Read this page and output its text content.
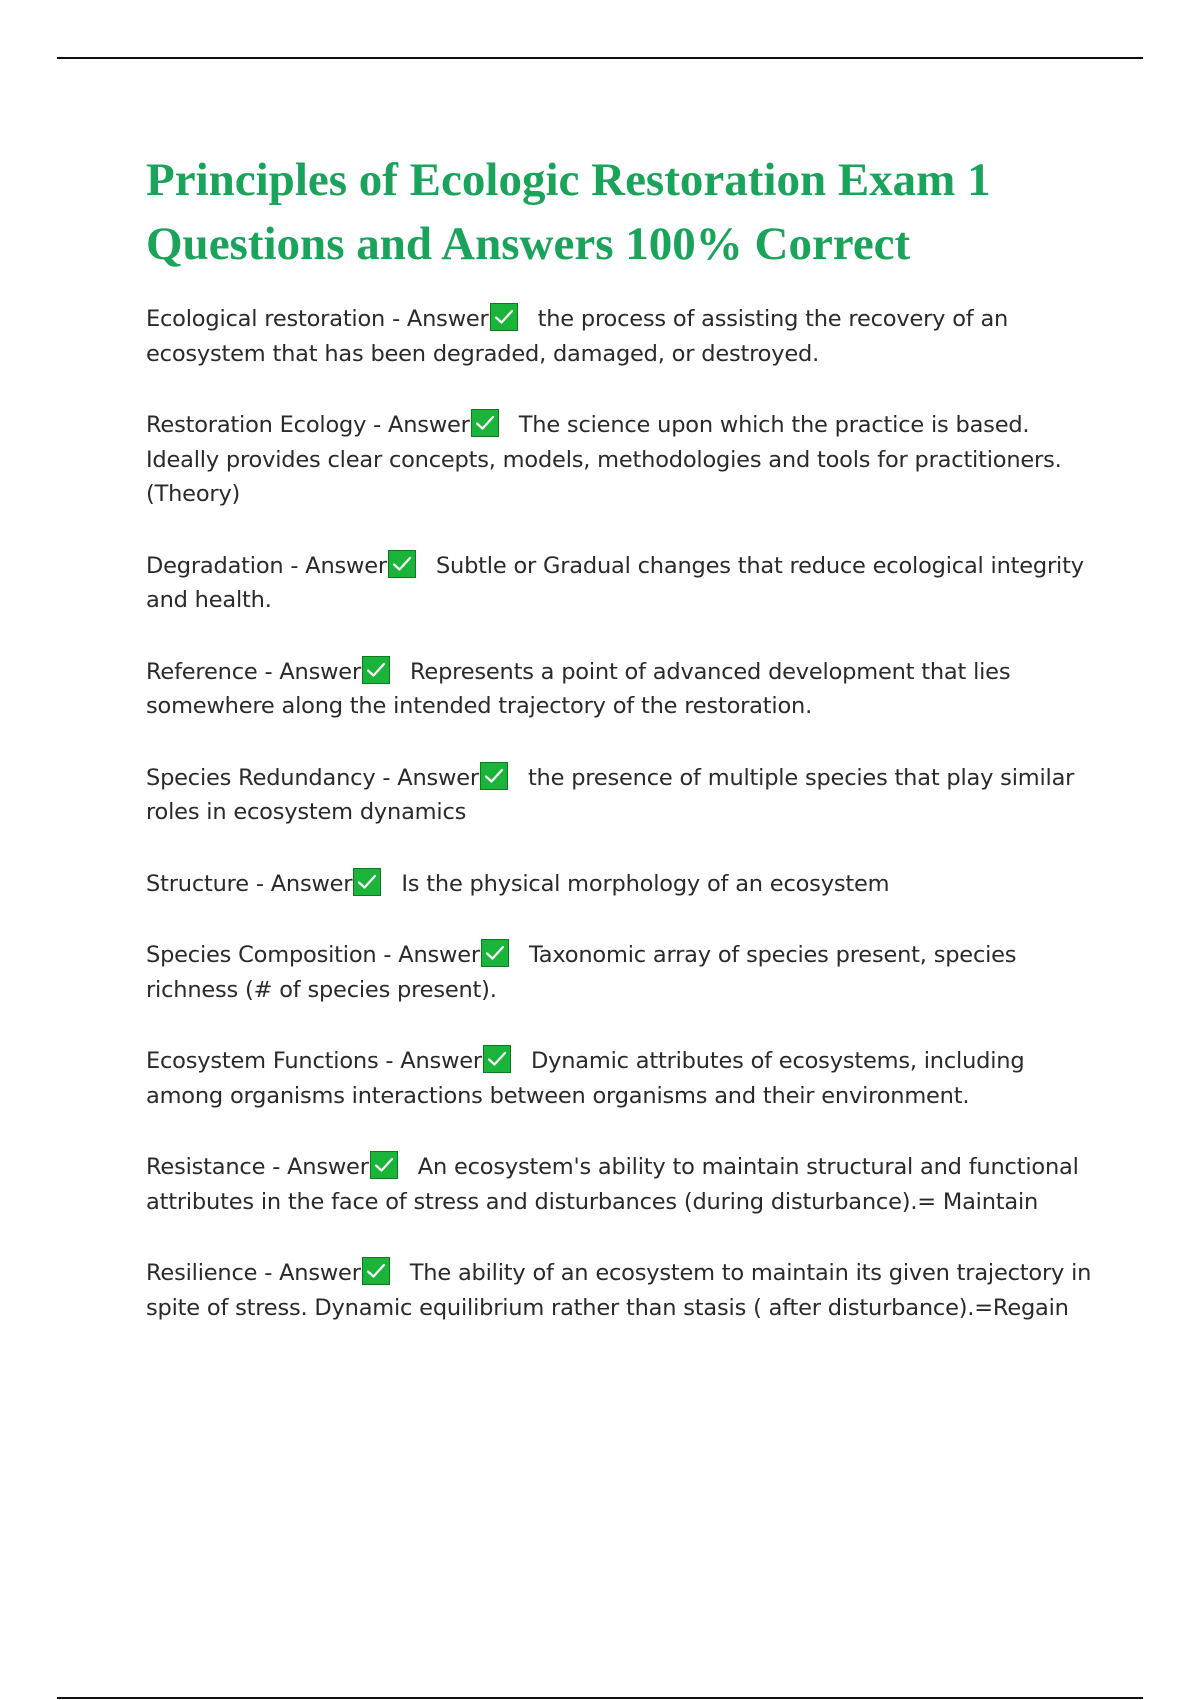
Principles of Ecologic Restoration Exam 1 Questions and Answers 100% Correct
Ecological restoration - Answer the process of assisting the recovery of an ecosystem that has been degraded, damaged, or destroyed.
Restoration Ecology - Answer The science upon which the practice is based. Ideally provides clear concepts, models, methodologies and tools for practitioners. (Theory)
Degradation - Answer Subtle or Gradual changes that reduce ecological integrity and health.
Reference - Answer Represents a point of advanced development that lies somewhere along the intended trajectory of the restoration.
Species Redundancy - Answer the presence of multiple species that play similar roles in ecosystem dynamics
Structure - Answer Is the physical morphology of an ecosystem
Species Composition - Answer Taxonomic array of species present, species richness (# of species present).
Ecosystem Functions - Answer Dynamic attributes of ecosystems, including among organisms interactions between organisms and their environment.
Resistance - Answer An ecosystem's ability to maintain structural and functional attributes in the face of stress and disturbances (during disturbance).= Maintain
Resilience - Answer The ability of an ecosystem to maintain its given trajectory in spite of stress. Dynamic equilibrium rather than stasis ( after disturbance).=Regain
